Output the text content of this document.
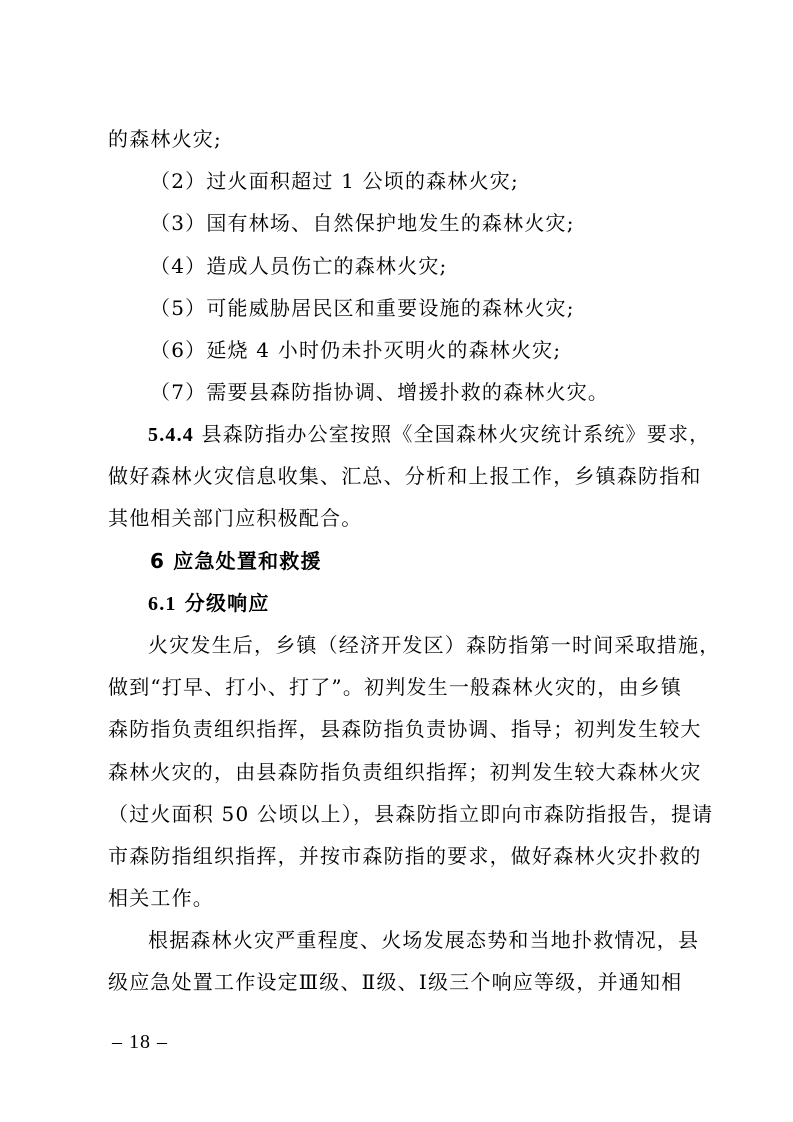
的森林火灾;
（2）过火面积超过 1 公顷的森林火灾;
（3）国有林场、自然保护地发生的森林火灾;
（4）造成人员伤亡的森林火灾;
（5）可能威胁居民区和重要设施的森林火灾;
（6）延烧 4 小时仍未扑灭明火的森林火灾;
（7）需要县森防指协调、增援扑救的森林火灾。
5.4.4 县森防指办公室按照《全国森林火灾统计系统》要求，
做好森林火灾信息收集、汇总、分析和上报工作，乡镇森防指和
其他相关部门应积极配合。
6 应急处置和救援
6.1 分级响应
火灾发生后，乡镇（经济开发区）森防指第一时间采取措施，
做到“打早、打小、打了”。初判发生一般森林火灾的，由乡镇
森防指负责组织指挥，县森防指负责协调、指导；初判发生较大
森林火灾的，由县森防指负责组织指挥；初判发生较大森林火灾
（过火面积 50 公顷以上），县森防指立即向市森防指报告，提请
市森防指组织指挥，并按市森防指的要求，做好森林火灾扑救的
相关工作。
根据森林火灾严重程度、火场发展态势和当地扑救情况，县
级应急处置工作设定Ⅲ级、Ⅱ级、Ⅰ级三个响应等级，并通知相
– 18 –
